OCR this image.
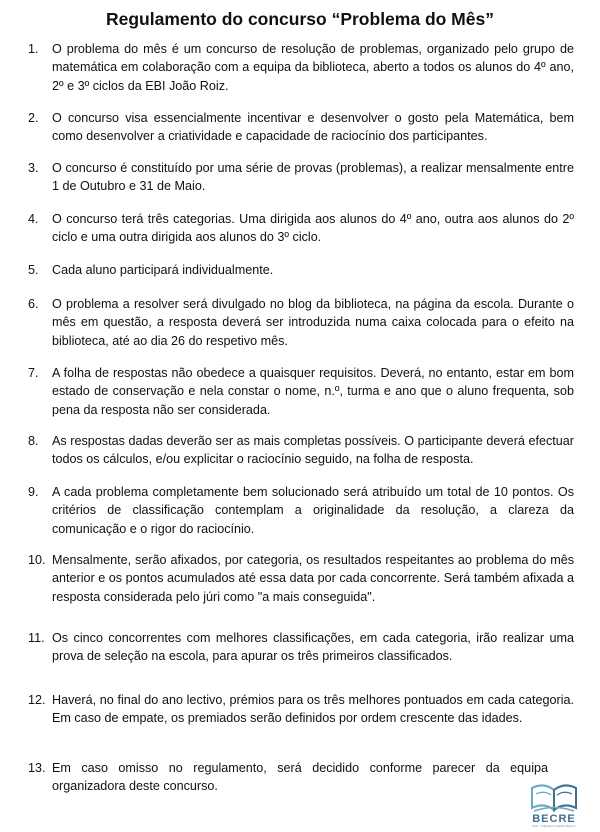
Regulamento do concurso “Problema do Mês”
1.	O problema do mês é um concurso de resolução de problemas, organizado pelo grupo de matemática em colaboração com a equipa da biblioteca, aberto a todos os alunos do 4º ano, 2º e 3º ciclos da EBI João Roiz.
2.	O concurso visa essencialmente incentivar e desenvolver o gosto pela Matemática, bem como desenvolver a criatividade e capacidade de raciocínio dos participantes.
3.	O concurso é constituído por uma série de provas (problemas), a realizar mensalmente entre 1 de Outubro e 31 de Maio.
4.	O concurso terá três categorias. Uma dirigida aos alunos do 4º ano, outra aos alunos do 2º ciclo e uma outra dirigida aos alunos do 3º ciclo.
5.	Cada aluno participará individualmente.
6.	O problema a resolver será divulgado no blog da biblioteca, na página da escola. Durante o mês em questão, a resposta deverá ser introduzida numa caixa colocada para o efeito na biblioteca, até ao dia 26 do respetivo mês.
7.	A folha de respostas não obedece a quaisquer requisitos. Deverá, no entanto, estar em bom estado de conservação e nela constar o nome, n.º, turma e ano que o aluno frequenta, sob pena da resposta não ser considerada.
8.	As respostas dadas deverão ser as mais completas possíveis. O participante deverá efectuar todos os cálculos, e/ou explicitar o raciocínio seguido, na folha de resposta.
9.	A cada problema completamente bem solucionado será atribuído um total de 10 pontos. Os critérios de classificação contemplam a originalidade da resolução, a clareza da comunicação e o rigor do raciocínio.
10. Mensalmente, serão afixados, por categoria, os resultados respeitantes ao problema do mês anterior e os pontos acumulados até essa data por cada concorrente. Será também afixada a resposta considerada pelo júri como "a mais conseguida".
11. Os cinco concorrentes com melhores classificações, em cada categoria, irão realizar uma prova de seleção na escola, para apurar os três primeiros classificados.
12. Haverá, no final do ano lectivo, prémios para os três melhores pontuados em cada categoria. Em caso de empate, os premiados serão definidos por ordem crescente das idades.
13. Em caso omisso no regulamento, será decidido conforme parecer da equipa organizadora deste concurso.
BECRE
E.B.I. João Roiz Castelo Branco
